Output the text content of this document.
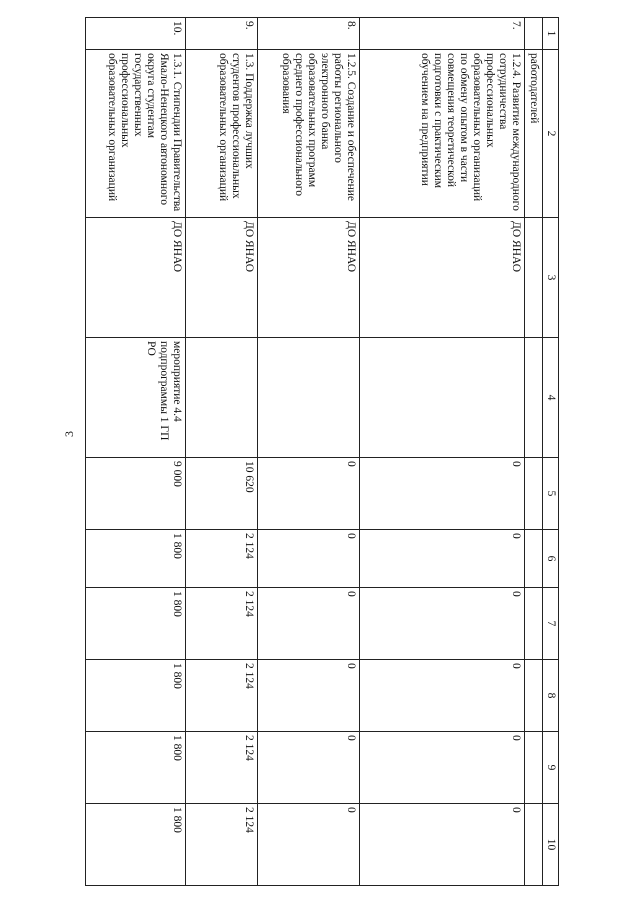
3
1	2	3	4	5	6	7	8	9	10
	работодателей								
7.	1.2.4. Развитие международного сотрудничества профессиональных образовательных организаций по обмену опытом в части совмещения теоретической подготовки с практическим обучением на предприятии	ДО ЯНАО		0	0	0	0	0	0
8.	1.2.5. Создание и обеспечение работы регионального электронного банка образовательных программ среднего профессионального образования	ДО ЯНАО		0	0	0	0	0	0
9.	1.3. Поддержка лучших студентов профессиональных образовательных организаций	ДО ЯНАО		10 620	2 124	2 124	2 124	2 124	2 124
10.	1.3.1. Стипендии Правительства Ямало-Ненецкого автономного округа студентам государственных профессиональных образовательных организаций	ДО ЯНАО	мероприятие 4.4 подпрограммы 1 ГП РО	9 000	1 800	1 800	1 800	1 800	1 800
